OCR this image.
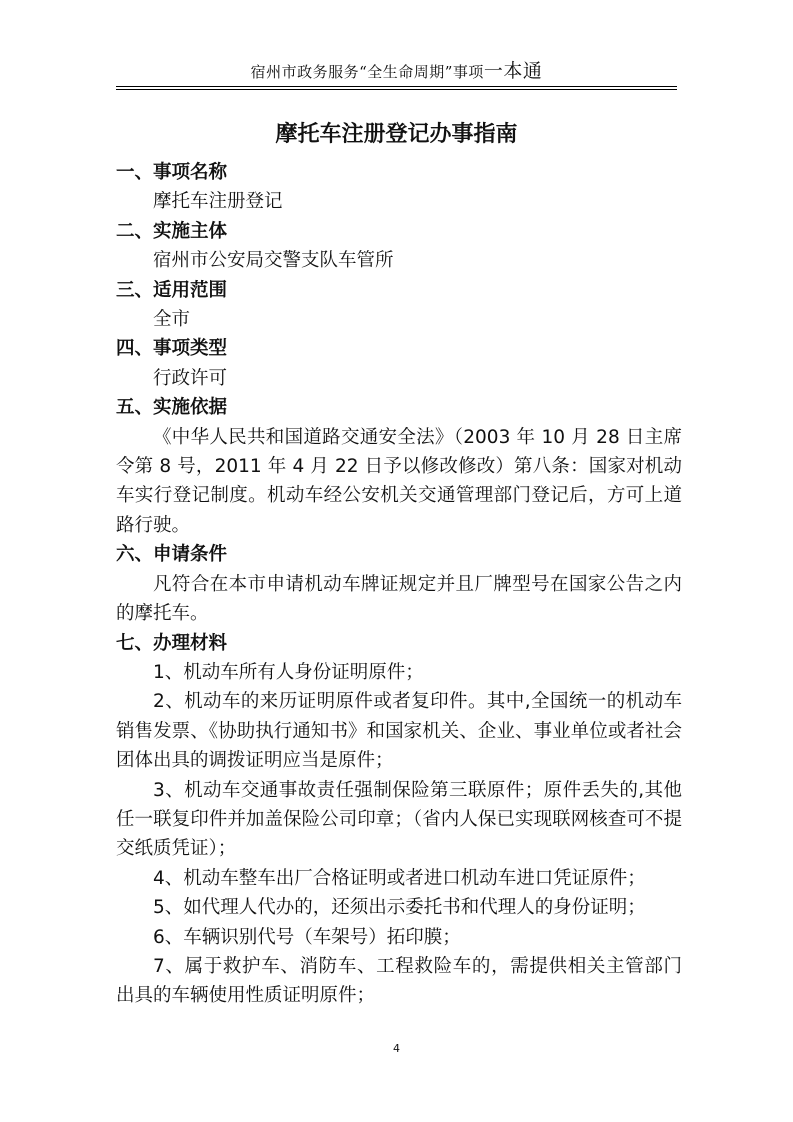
宿州市政务服务“全生命周期”事项一本通
摩托车注册登记办事指南

一、事项名称

摩托车注册登记

二、实施主体

宿州市公安局交警支队车管所

三、适用范围

全市

四、事项类型

行政许可

五、实施依据

《中华人民共和国道路交通安全法》（2003 年 10 月 28 日主席令第 8 号，2011 年 4 月 22 日予以修改修改）第八条：国家对机动车实行登记制度。机动车经公安机关交通管理部门登记后，方可上道路行驶。

六、申请条件

凡符合在本市申请机动车牌证规定并且厂牌型号在国家公告之内的摩托车。

七、办理材料

1、机动车所有人身份证明原件；

2、机动车的来历证明原件或者复印件。其中,全国统一的机动车销售发票、《协助执行通知书》和国家机关、企业、事业单位或者社会团体出具的调拨证明应当是原件；

3、机动车交通事故责任强制保险第三联原件；原件丢失的,其他任一联复印件并加盖保险公司印章；（省内人保已实现联网核查可不提交纸质凭证）；

4、机动车整车出厂合格证明或者进口机动车进口凭证原件；

5、如代理人代办的，还须出示委托书和代理人的身份证明；

6、车辆识别代号（车架号）拓印膜；

7、属于救护车、消防车、工程救险车的，需提供相关主管部门出具的车辆使用性质证明原件；

4
